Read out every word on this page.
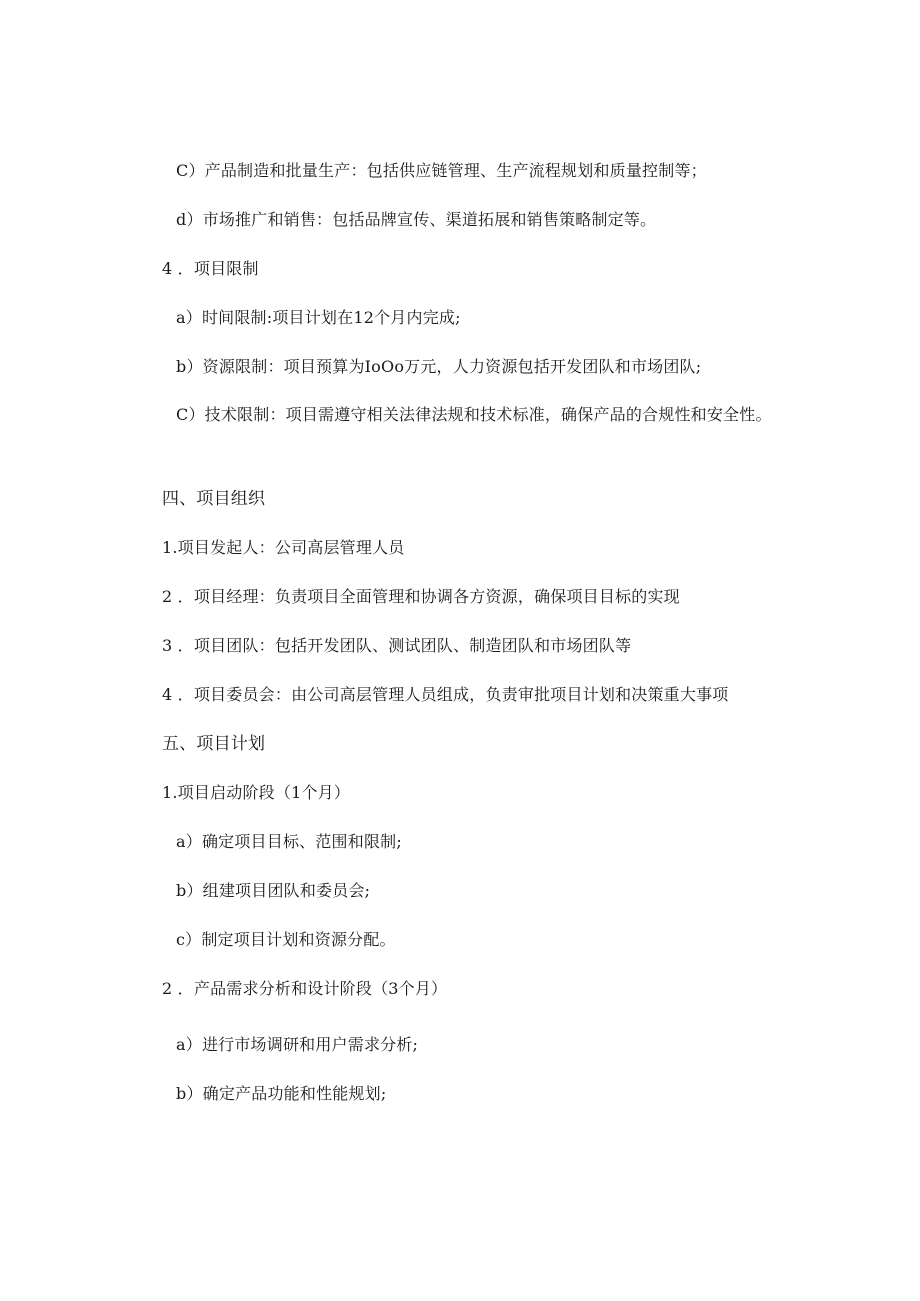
C）产品制造和批量生产：包括供应链管理、生产流程规划和质量控制等；
d）市场推广和销售：包括品牌宣传、渠道拓展和销售策略制定等。
4 ．项目限制
a）时间限制:项目计划在12个月内完成;
b）资源限制：项目预算为IoOo万元，人力资源包括开发团队和市场团队;
C）技术限制：项目需遵守相关法律法规和技术标准，确保产品的合规性和安全性。
四、项目组织
1.项目发起人：公司高层管理人员
2 ．项目经理：负责项目全面管理和协调各方资源，确保项目目标的实现
3 ．项目团队：包括开发团队、测试团队、制造团队和市场团队等
4 ．项目委员会：由公司高层管理人员组成，负责审批项目计划和决策重大事项
五、项目计划
1.项目启动阶段（1个月）
a）确定项目目标、范围和限制;
b）组建项目团队和委员会;
c）制定项目计划和资源分配。
2 ．产品需求分析和设计阶段（3个月）
a）进行市场调研和用户需求分析;
b）确定产品功能和性能规划;
